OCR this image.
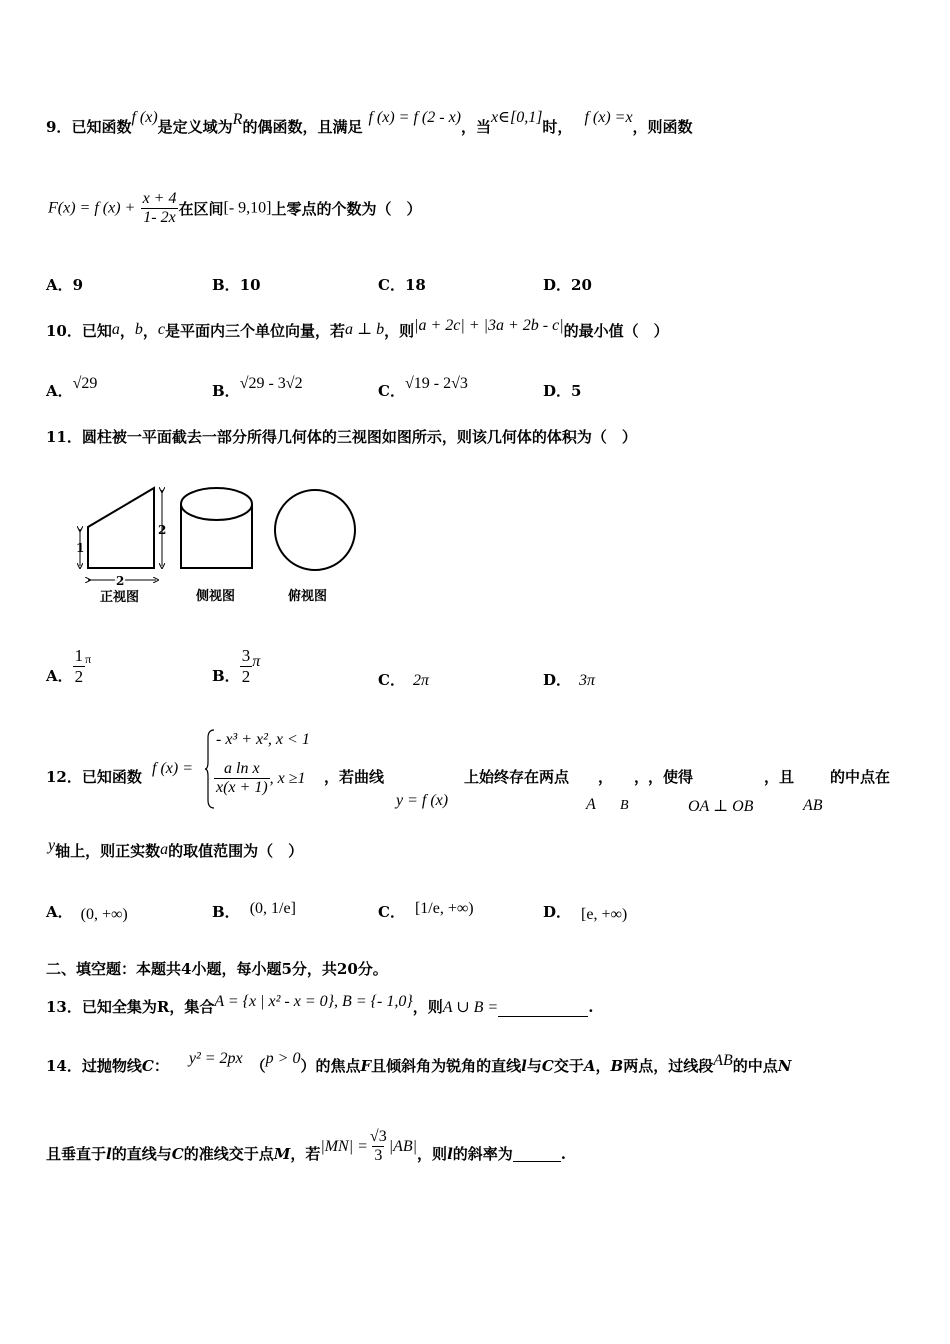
9．已知函数f (x)是定义域为R的偶函数，且满足f (x) = f (2 - x)，当x∈[0,1]时，f (x) =x，则函数
F(x) = f $(x) + \frac{x + 4}{1- 2x}$ 在区间[- 9,10]上零点的个数为（　）
A．9	B．10	C．18	D．20
10．已知a，b，c是平面内三个单位向量，若a ⊥ b，则|a + 2c| + |3a + 2b - c|的最小值（　）
A．√29	B．√29 - 3√2	C．√19 - 2√3	D．5
11．圆柱被一平面截去一部分所得几何体的三视图如图所示，则该几何体的体积为（　）
2
1
2
正视图	侧视图	俯视图
A． $\frac{1}{2}$ π
B． $\frac{3}{2}$ π
C． 2π	D． 3π
12．已知函数 f (x) =
- x³ + x², x < 1
$\frac{\text{a ln x}}{x(x + 1)}$ , x ≥1 ，若曲线
y = f (x)
上始终存在两点 ，
A
，
B
，使得
OA ⊥ OB
，且
AB
的中点在
y轴上，则正实数a的取值范围为（　）
A． (0, +∞)	B． (0, 1/e]	C． [1/e, +∞)	D． [e, +∞)
二、填空题：本题共4小题，每小题5分，共20分。
13．已知全集为R，集合A = {x | x² - x = 0}, B = {- 1,0}，则A ∪ B =	.
14．过抛物线C： y² = 2px （p > 0）的焦点F且倾斜角为锐角的直线l与C交于A，B两点，过线段AB的中点N
且垂直于 l 的直线与 C 的准线交于点 M ，若 $|MN| = \frac{√3}{3} |AB|$ ，则 l 的斜率为	.
